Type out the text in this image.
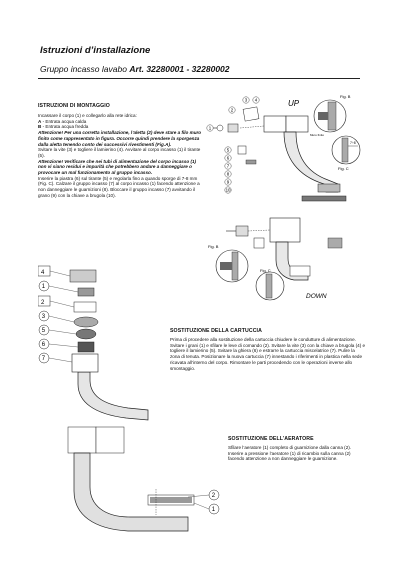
Istruzioni d’installazione
Gruppo incasso lavabo Art. 32280001 - 32280002
ISTRUZIONI DI MONTAGGIO

Incassare il corpo (1) e collegarlo alla rete idrica:

A - Entrata acqua calda

B - Entrata acqua fredda

Attenzione! Per una corretta installazione, l’aletta (2) deve stare a filo muro finito come rappresentato in figura. Occorre quindi prendere la sporgenza dalla aletta tenendo conto dei successivi rivestimenti (Fig.A).

Svitare la vite (3) e togliere il lamierino (4). Avvitare al corpo incasso (1) il tirante (5).

Attenzione! Verificare che nei tubi di alimentazione del corpo incasso (1) non vi siano residui e impurità che potrebbero andare a danneggiare o provocare un mal funzionamento al gruppo incasso.

Inserire la piastra (6) sul tirante (5) e regolarla fino a quando sporge di 7-8 mm (Fig. C). Calzare il gruppo incasso (7) al corpo incasso (1) facendo attenzione a non danneggiare le guarnizioni (8). Bloccare il gruppo incasso (7) avvitando il grano (9) con la chiave a brugola (10).

UP
1
2
3 4
5
6
7
8
9
10
Fig. B
Muro finito
7÷8
Fig. C
DOWN
Fig. B
Fig. C
4
1
2
3
5
6
7
SOSTITUZIONE DELLA CARTUCCIA
Prima di procedere alla sostituzione della cartuccia chiudere le condutture di alimentazione. Svitare i grani (1) e sfilare le leve di comando (2). Svitare la vite (3) con la chiave a brugola (4) e togliere il lamierino (5). Svitare la ghiera (6) e estrarre la cartuccia miscelatrice (7). Pulire la zona di tenuta. Posizionare la nuova cartuccia (7) innestando i riferimenti in plastica nella sede ricavata all’interno del corpo. Rimontare le parti procedendo con le operazioni inverse allo smontaggio.
2
1
SOSTITUZIONE DELL’AERATORE
Sfilare l’aeratore (1) completo di guarnizione dalla canna (2). Inserire a pressione l’aeratore (1) di ricambio sulla canna (2) facendo attenzione a non danneggiare le guarnizione.
